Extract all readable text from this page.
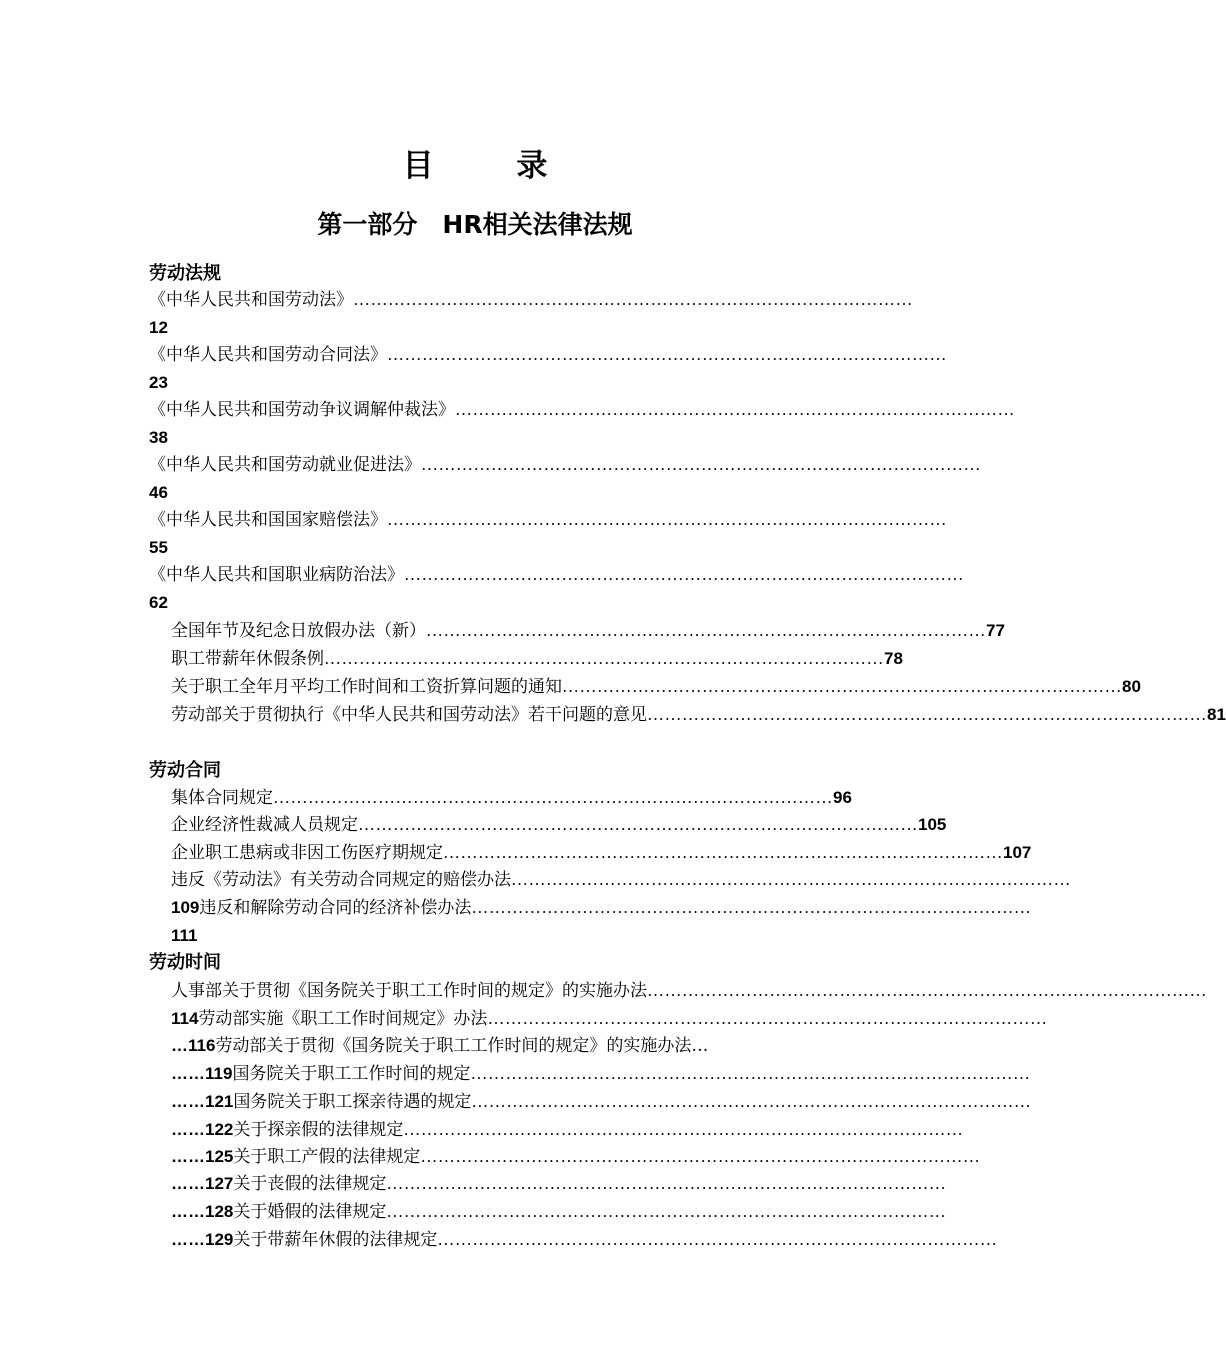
目 录
第一部分　HR相关法律法规
劳动法规
《中华人民共和国劳动法》……………………………………………………………………………………
12
《中华人民共和国劳动合同法》……………………………………………………………………………………
23
《中华人民共和国劳动争议调解仲裁法》……………………………………………………………………………………
38
《中华人民共和国劳动就业促进法》……………………………………………………………………………………
46
《中华人民共和国国家赔偿法》……………………………………………………………………………………
55
《中华人民共和国职业病防治法》……………………………………………………………………………………
62
全国年节及纪念日放假办法（新） …………………………………………………………………………………… 77
职工带薪年休假条例 …………………………………………………………………………………… 78
关于职工全年月平均工作时间和工资折算问题的通知 …………………………………………………………………………………… 80
劳动部关于贯彻执行《中华人民共和国劳动法》若干问题的意见 …………………………………………………………………………………… 81
劳动合同
集体合同规定 …………………………………………………………………………………… 96
企业经济性裁减人员规定 …………………………………………………………………………………… 105
企业职工患病或非因工伤医疗期规定 …………………………………………………………………………………… 107
违反《劳动法》有关劳动合同规定的赔偿办法……………………………………………………………………………………
109违反和解除劳动合同的经济补偿办法……………………………………………………………………………………
111
劳动时间
人事部关于贯彻《国务院关于职工工作时间的规定》的实施办法……………………………………………………………………………………
114劳动部实施《职工工作时间规定》办法……………………………………………………………………………………
…116劳动部关于贯彻《国务院关于职工工作时间的规定》的实施办法…
……119国务院关于职工工作时间的规定……………………………………………………………………………………
……121国务院关于职工探亲待遇的规定……………………………………………………………………………………
……122关于探亲假的法律规定……………………………………………………………………………………
……125关于职工产假的法律规定……………………………………………………………………………………
……127关于丧假的法律规定……………………………………………………………………………………
……128关于婚假的法律规定……………………………………………………………………………………
……129关于带薪年休假的法律规定……………………………………………………………………………………
